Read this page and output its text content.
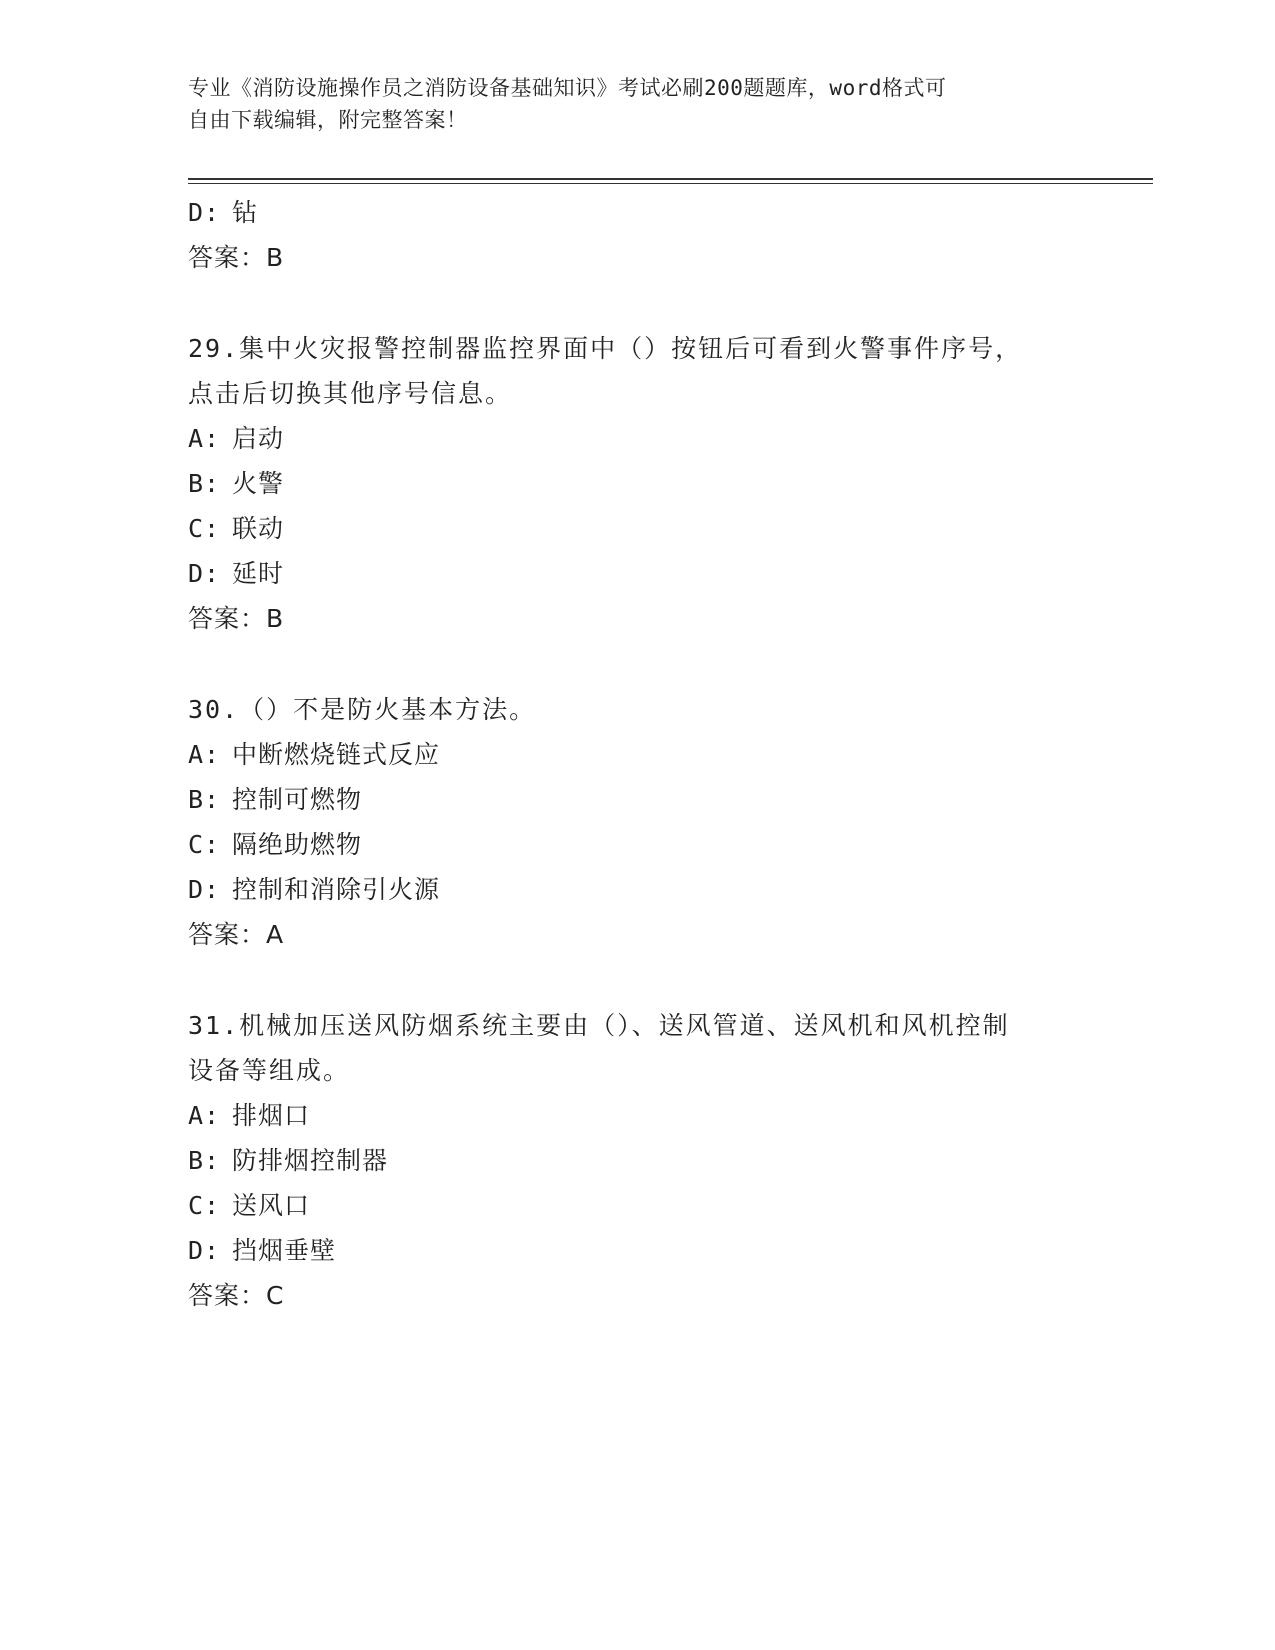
专业《消防设施操作员之消防设备基础知识》考试必刷200题题库，word格式可
自由下载编辑，附完整答案！
D: 钻
答案：B
29.集中火灾报警控制器监控界面中（）按钮后可看到火警事件序号，
点击后切换其他序号信息。
A: 启动
B: 火警
C: 联动
D: 延时
答案：B
30.（）不是防火基本方法。
A: 中断燃烧链式反应
B: 控制可燃物
C: 隔绝助燃物
D: 控制和消除引火源
答案：A
31.机械加压送风防烟系统主要由（）、送风管道、送风机和风机控制
设备等组成。
A: 排烟口
B: 防排烟控制器
C: 送风口
D: 挡烟垂壁
答案：C
